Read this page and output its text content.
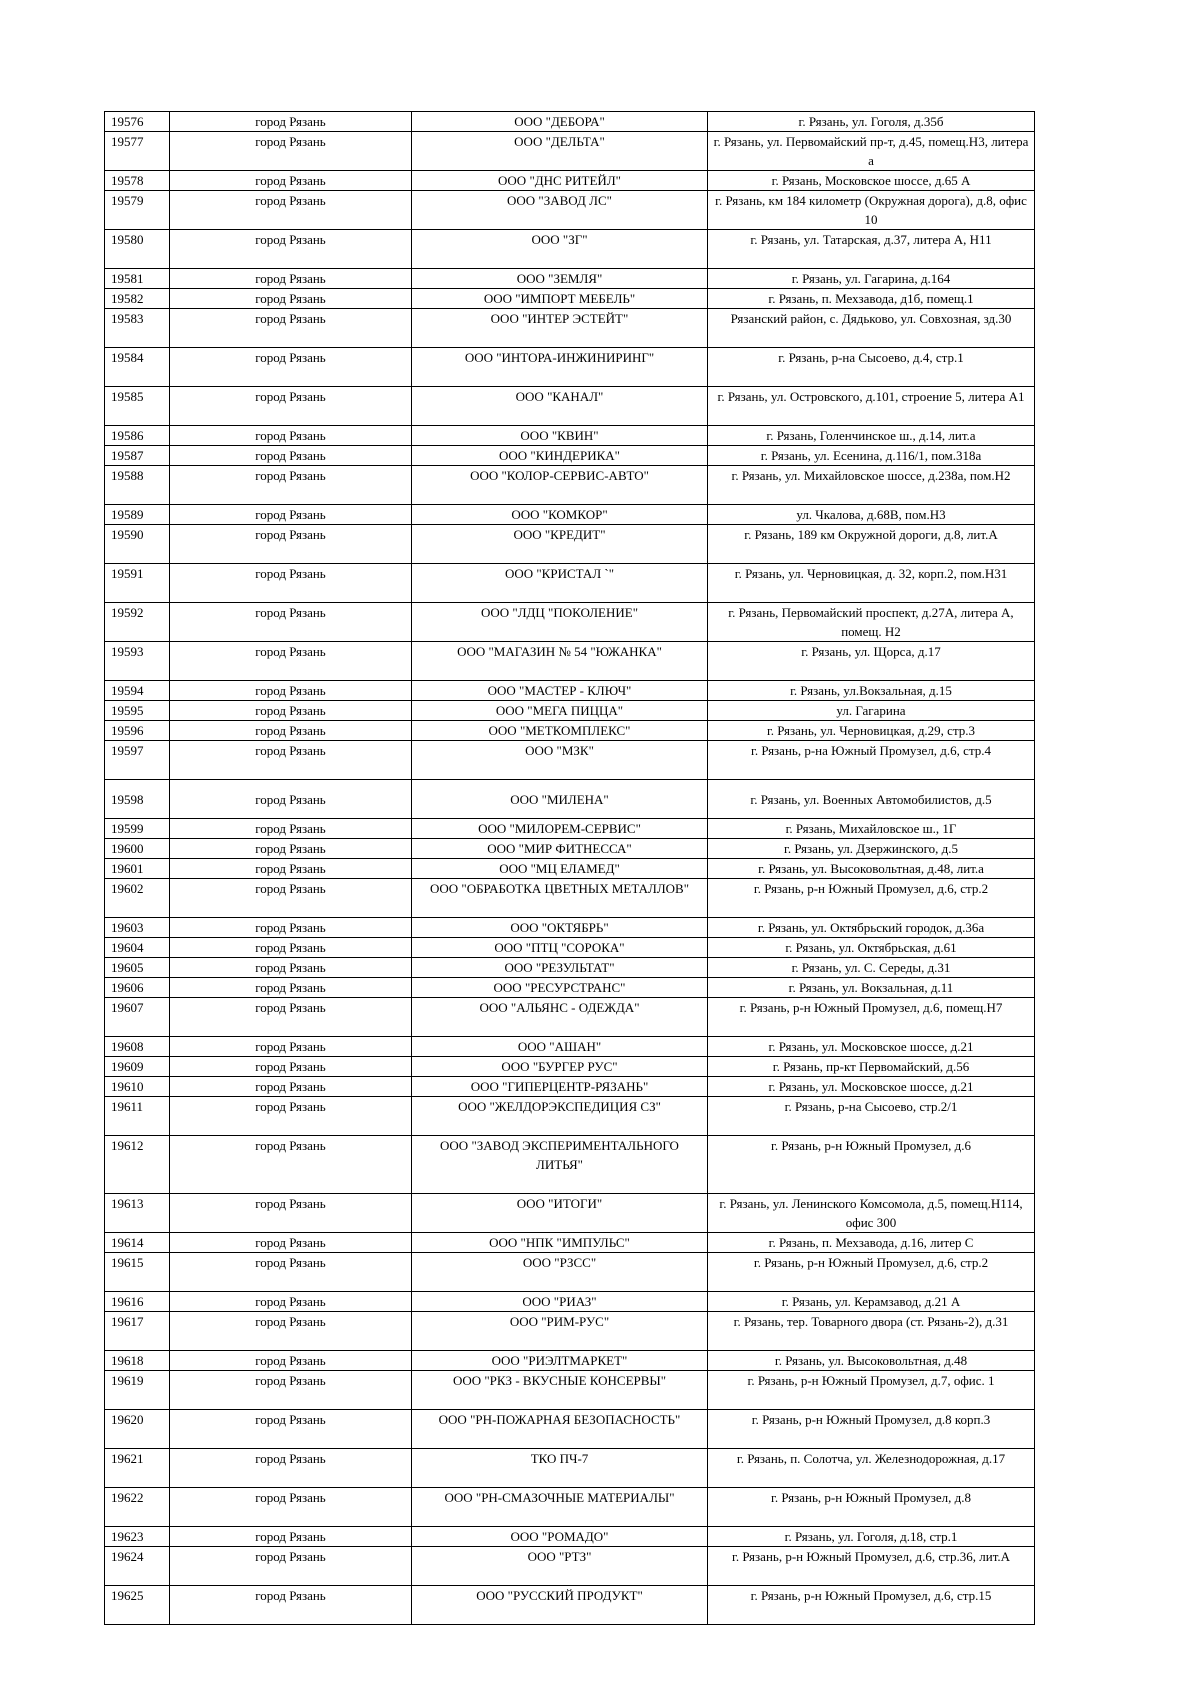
19576	город Рязань	ООО "ДЕБОРА"	г. Рязань, ул. Гоголя, д.35б
19577	город Рязань	ООО "ДЕЛЬТА"	г. Рязань, ул. Первомайский пр-т, д.45, помещ.Н3, литера а
19578	город Рязань	ООО "ДНС РИТЕЙЛ"	г. Рязань, Московское шоссе, д.65 А
19579	город Рязань	ООО "ЗАВОД ЛС"	г. Рязань, км 184 километр (Окружная дорога), д.8, офис 10
19580	город Рязань	ООО "ЗГ"	г. Рязань, ул. Татарская, д.37, литера А, Н11
19581	город Рязань	ООО "ЗЕМЛЯ"	г. Рязань, ул. Гагарина, д.164
19582	город Рязань	ООО "ИМПОРТ МЕБЕЛЬ"	г. Рязань, п. Мехзавода, д1б, помещ.1
19583	город Рязань	ООО "ИНТЕР ЭСТЕЙТ"	Рязанский район, с. Дядьково, ул. Совхозная, зд.30
19584	город Рязань	ООО "ИНТОРА-ИНЖИНИРИНГ"	г. Рязань, р-на Сысоево, д.4, стр.1
19585	город Рязань	ООО "КАНАЛ"	г. Рязань, ул. Островского, д.101, строение 5, литера А1
19586	город Рязань	ООО "КВИН"	г. Рязань, Голенчинское ш., д.14, лит.а
19587	город Рязань	ООО "КИНДЕРИКА"	г. Рязань, ул. Есенина, д.116/1, пом.318а
19588	город Рязань	ООО "КОЛОР-СЕРВИС-АВТО"	г. Рязань, ул. Михайловское шоссе, д.238а, пом.Н2
19589	город Рязань	ООО "КОМКОР"	ул. Чкалова, д.68В, пом.Н3
19590	город Рязань	ООО "КРЕДИТ"	г. Рязань, 189 км Окружной дороги, д.8, лит.А
19591	город Рязань	ООО "КРИСТАЛ `"	г. Рязань, ул. Черновицкая, д. 32, корп.2, пом.Н31
19592	город Рязань	ООО "ЛДЦ "ПОКОЛЕНИЕ"	г. Рязань, Первомайский проспект, д.27А, литера А, помещ. Н2
19593	город Рязань	ООО "МАГАЗИН № 54 "ЮЖАНКА"	г. Рязань, ул. Щорса, д.17
19594	город Рязань	ООО "МАСТЕР - КЛЮЧ"	г. Рязань, ул.Вокзальная, д.15
19595	город Рязань	ООО "МЕГА ПИЦЦА"	ул. Гагарина
19596	город Рязань	ООО "МЕТКОМПЛЕКС"	г. Рязань, ул. Черновицкая, д.29, стр.3
19597	город Рязань	ООО "МЗК"	г. Рязань, р-на Южный Промузел, д.6, стр.4
19598	город Рязань	ООО "МИЛЕНА"	г. Рязань, ул. Военных Автомобилистов, д.5
19599	город Рязань	ООО "МИЛОРЕМ-СЕРВИС"	г. Рязань, Михайловское ш., 1Г
19600	город Рязань	ООО "МИР ФИТНЕССА"	г. Рязань, ул. Дзержинского, д.5
19601	город Рязань	ООО "МЦ ЕЛАМЕД"	г. Рязань, ул. Высоковольтная, д.48, лит.а
19602	город Рязань	ООО "ОБРАБОТКА ЦВЕТНЫХ МЕТАЛЛОВ"	г. Рязань, р-н Южный Промузел, д.6, стр.2
19603	город Рязань	ООО "ОКТЯБРЬ"	г. Рязань, ул. Октябрьский городок, д.36а
19604	город Рязань	ООО "ПТЦ "СОРОКА"	г. Рязань, ул. Октябрьская, д.61
19605	город Рязань	ООО "РЕЗУЛЬТАТ"	г. Рязань, ул. С. Середы, д.31
19606	город Рязань	ООО "РЕСУРСТРАНС"	г. Рязань, ул. Вокзальная, д.11
19607	город Рязань	ООО "АЛЬЯНС - ОДЕЖДА"	г. Рязань, р-н Южный Промузел, д.6, помещ.Н7
19608	город Рязань	ООО "АШАН"	г. Рязань, ул. Московское шоссе, д.21
19609	город Рязань	ООО "БУРГЕР РУС"	г. Рязань, пр-кт Первомайский, д.56
19610	город Рязань	ООО "ГИПЕРЦЕНТР-РЯЗАНЬ"	г. Рязань, ул. Московское шоссе, д.21
19611	город Рязань	ООО "ЖЕЛДОРЭКСПЕДИЦИЯ СЗ"	г. Рязань, р-на Сысоево, стр.2/1
19612	город Рязань	ООО "ЗАВОД ЭКСПЕРИМЕНТАЛЬНОГО ЛИТЬЯ"	г. Рязань, р-н Южный Промузел, д.6
19613	город Рязань	ООО "ИТОГИ"	г. Рязань, ул. Ленинского Комсомола, д.5, помещ.Н114, офис 300
19614	город Рязань	ООО "НПК "ИМПУЛЬС"	г. Рязань, п. Мехзавода, д.16, литер С
19615	город Рязань	ООО "РЗСС"	г. Рязань, р-н Южный Промузел, д.6, стр.2
19616	город Рязань	ООО "РИАЗ"	г. Рязань, ул. Керамзавод, д.21 А
19617	город Рязань	ООО "РИМ-РУС"	г. Рязань, тер. Товарного двора (ст. Рязань-2), д.31
19618	город Рязань	ООО "РИЭЛТМАРКЕТ"	г. Рязань, ул. Высоковольтная, д.48
19619	город Рязань	ООО "РКЗ - ВКУСНЫЕ КОНСЕРВЫ"	г. Рязань, р-н Южный Промузел, д.7, офис. 1
19620	город Рязань	ООО "РН-ПОЖАРНАЯ БЕЗОПАСНОСТЬ"	г. Рязань, р-н Южный Промузел, д.8 корп.3
19621	город Рязань	ТКО ПЧ-7	г. Рязань, п. Солотча, ул. Железнодорожная, д.17
19622	город Рязань	ООО "РН-СМАЗОЧНЫЕ МАТЕРИАЛЫ"	г. Рязань, р-н Южный Промузел, д.8
19623	город Рязань	ООО "РОМАДО"	г. Рязань, ул. Гоголя, д.18, стр.1
19624	город Рязань	ООО "РТЗ"	г. Рязань, р-н Южный Промузел, д.6, стр.36, лит.А
19625	город Рязань	ООО "РУССКИЙ ПРОДУКТ"	г. Рязань, р-н Южный Промузел, д.6, стр.15
